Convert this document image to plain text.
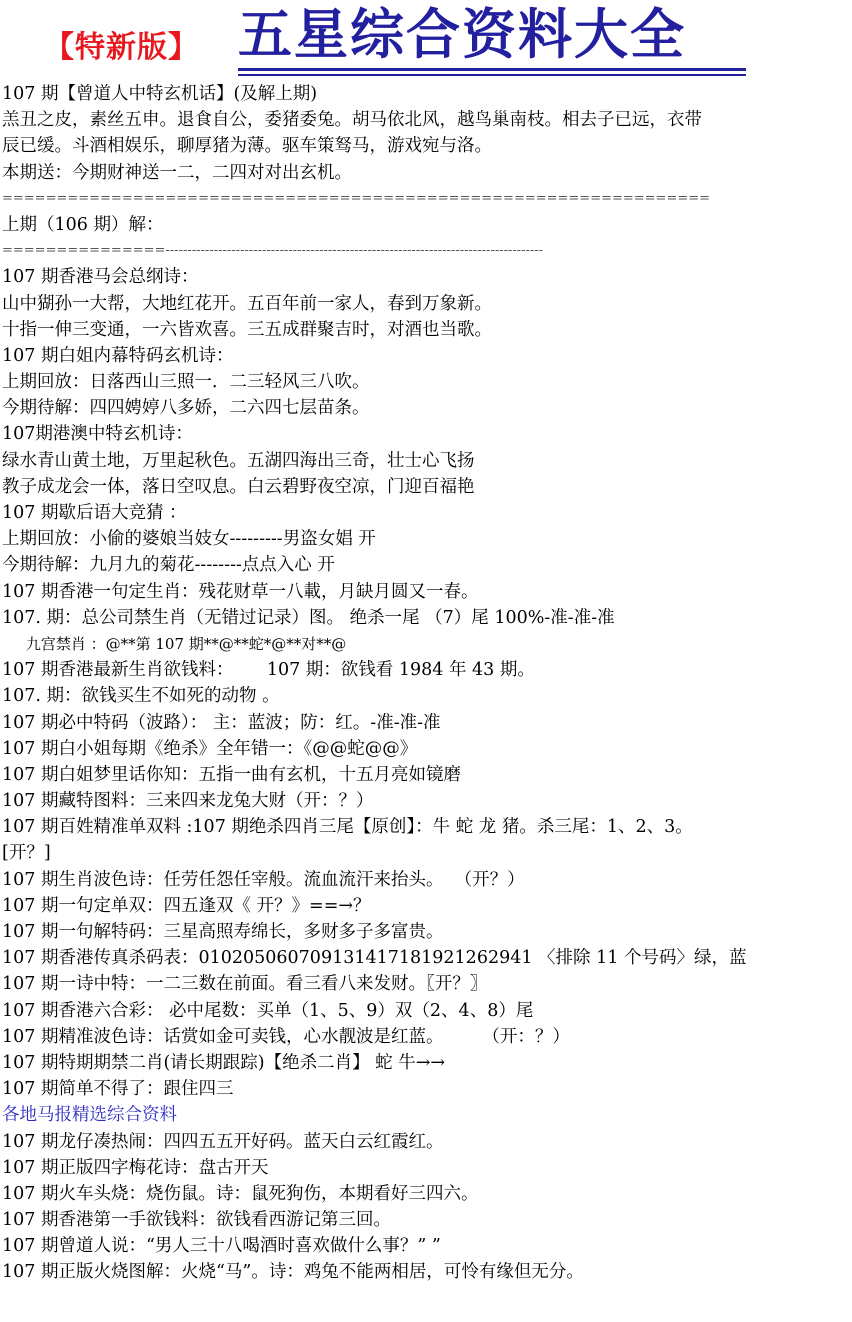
【特新版】 五星综合资料大全
107 期【曾道人中特玄机话】(及解上期)
羔丑之皮，素丝五申。退食自公，委猪委兔。胡马依北风，越鸟巢南枝。相去子已远，衣带
辰已缓。斗酒相娱乐，聊厚猪为薄。驱车策驽马，游戏宛与洛。
本期送：今期财神送一二，二四对对出玄机。
=================================================================
上期（106 期）解：
===============--------------------------------------------------------------------------------------
107 期香港马会总纲诗：
山中猢孙一大帮，大地红花开。五百年前一家人，春到万象新。
十指一伸三变通，一六皆欢喜。三五成群聚吉时，对酒也当歌。
107 期白姐内幕特码玄机诗：
上期回放：日落西山三照一．二三轻风三八吹。
今期待解：四四娉婷八多娇，二六四七层苗条。
107期港澳中特玄机诗：
绿水青山黄土地，万里起秋色。五湖四海出三奇，壮士心飞扬
教子成龙会一体，落日空叹息。白云碧野夜空凉，门迎百福艳
107 期歇后语大竞猜 ：
上期回放：小偷的婆娘当妓女---------男盗女娼 开
今期待解：九月九的菊花--------点点入心 开
107 期香港一句定生肖：残花财草一八載，月缺月圆又一春。
107. 期：总公司禁生肖（无错过记录）图。 绝杀一尾 （7）尾 100%-准-准-准
九宫禁肖 ：@**第 107 期**@**蛇*@**对**@
107 期香港最新生肖欲钱料：      107 期：欲钱看 1984 年 43 期。
107. 期：欲钱买生不如死的动物 。
107 期必中特码（波路）： 主：蓝波；防：红。-准-准-准
107 期白小姐每期《绝杀》全年错一：《@@蛇@@》
107 期白姐梦里话你知：五指一曲有玄机，十五月亮如镜磨
107 期藏特图料：三来四来龙兔大财（开：？）
107 期百姓精准单双料 :107 期绝杀四肖三尾【原创】：牛 蛇 龙 猪。杀三尾：1、2、3。
[开？]
107 期生肖波色诗：任劳任怨任宰般。流血流汗来抬头。  （开？）
107 期一句定单双：四五逢双《 开？》==→？
107 期一句解特码：三星高照寿绵长，多财多子多富贵。
107 期香港传真杀码表：010205060709131417181921262941 〈排除 11 个号码〉绿，蓝
107 期一诗中特：一二三数在前面。看三看八来发财。〖开？〗
107 期香港六合彩： 必中尾数：买单（1、5、9）双（2、4、8）尾
107 期精准波色诗：话赏如金可卖钱，心水靓波是红蓝。       （开：？）
107 期特期期禁二肖(请长期跟踪)【绝杀二肖】 蛇 牛→→
107 期简单不得了：跟住四三
各地马报精选综合资料
107 期龙仔凑热闹：四四五五开好码。蓝天白云红霞红。
107 期正版四字梅花诗：盘古开天
107 期火车头烧：烧伤鼠。诗：鼠死狗伤，本期看好三四六。
107 期香港第一手欲钱料：欲钱看西游记第三回。
107 期曾道人说：“男人三十八喝酒时喜欢做什么事？” ”
107 期正版火烧图解：火烧“马”。诗：鸡兔不能两相居，可怜有缘但无分。
